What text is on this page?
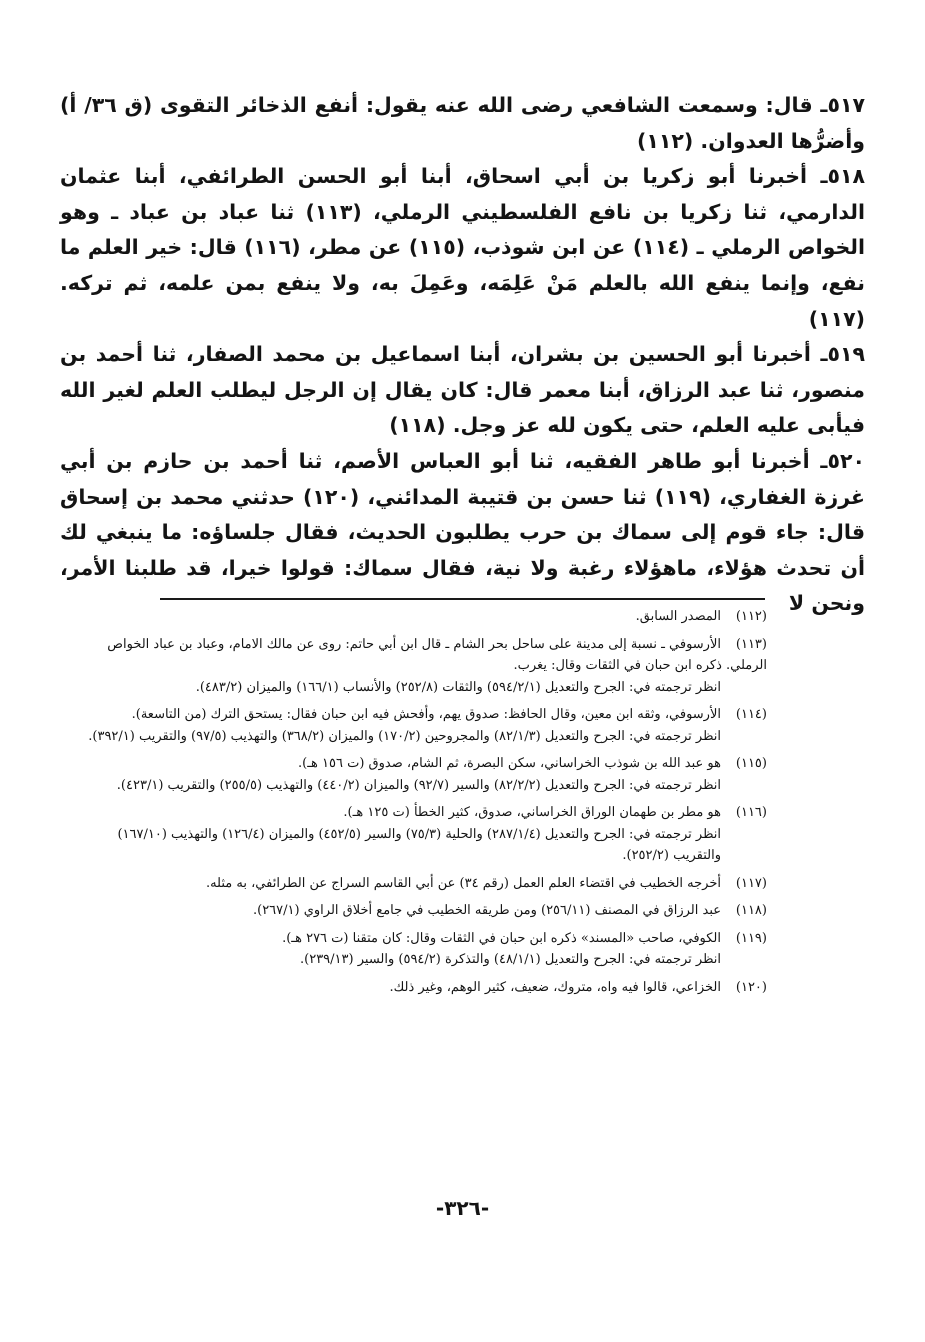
٥١٧ـ قال: وسمعت الشافعي رضى الله عنه يقول: أنفع الذخائر التقوى (ق ٣٦/ أ) وأضرُّها العدوان. (١١٢)

٥١٨ـ أخبرنا أبو زكريا بن أبي اسحاق، أبنا أبو الحسن الطرائفي، أبنا عثمان الدارمي، ثنا زكريا بن نافع الفلسطيني الرملي، (١١٣) ثنا عباد بن عباد ـ وهو الخواص الرملي ـ (١١٤) عن ابن شوذب، (١١٥) عن مطر، (١١٦) قال: خير العلم ما نفع، وإنما ينفع الله بالعلم مَنْ عَلِمَه، وعَمِلَ به، ولا ينفع بمن علمه، ثم تركه. (١١٧)

٥١٩ـ أخبرنا أبو الحسين بن بشران، أبنا اسماعيل بن محمد الصفار، ثنا أحمد بن منصور، ثنا عبد الرزاق، أبنا معمر قال: كان يقال إن الرجل ليطلب العلم لغير الله فيأبى عليه العلم، حتى يكون لله عز وجل. (١١٨)

٥٢٠ـ أخبرنا أبو طاهر الفقيه، ثنا أبو العباس الأصم، ثنا أحمد بن حازم بن أبي غرزة الغفاري، (١١٩) ثنا حسن بن قتيبة المدائني، (١٢٠) حدثني محمد بن إسحاق قال: جاء قوم إلى سماك بن حرب يطلبون الحديث، فقال جلساؤه: ما ينبغي لك أن تحدث هؤلاء، ماهؤلاء رغبة ولا نية، فقال سماك: قولوا خيرا، قد طلبنا الأمر، ونحن لا

(١١٢)المصدر السابق.

(١١٣)الأرسوفي ـ نسبة إلى مدينة على ساحل بحر الشام ـ قال ابن أبي حاتم: روى عن مالك الامام، وعباد بن عباد الخواص الرملي. ذكره ابن حبان في الثقات وقال: يغرب.

انظر ترجمته في: الجرح والتعديل (٥٩٤/٢/١) والثقات (٢٥٢/٨) والأنساب (١٦٦/١) والميزان (٤٨٣/٢).

(١١٤)الأرسوفي، وثقه ابن معين، وقال الحافظ: صدوق يهم، وأفحش فيه ابن حبان فقال: يستحق الترك (من التاسعة).

انظر ترجمته في: الجرح والتعديل (٨٢/١/٣) والمجروحين (١٧٠/٢) والميزان (٣٦٨/٢) والتهذيب (٩٧/٥) والتقريب (٣٩٢/١).

(١١٥)هو عبد الله بن شوذب الخراساني، سكن البصرة، ثم الشام، صدوق (ت ١٥٦ هـ).

انظر ترجمته في: الجرح والتعديل (٨٢/٢/٢) والسير (٩٢/٧) والميزان (٤٤٠/٢) والتهذيب (٢٥٥/٥) والتقريب (٤٢٣/١).

(١١٦)هو مطر بن طهمان الوراق الخراساني، صدوق، كثير الخطأ (ت ١٢٥ هـ).

انظر ترجمته في: الجرح والتعديل (٢٨٧/١/٤) والحلية (٧٥/٣) والسير (٤٥٢/٥) والميزان (١٢٦/٤) والتهذيب (١٦٧/١٠) والتقريب (٢٥٢/٢).

(١١٧)أخرجه الخطيب في اقتضاء العلم العمل (رقم ٣٤) عن أبي القاسم السراج عن الطرائفي، به مثله.

(١١٨)عبد الرزاق في المصنف (٢٥٦/١١) ومن طريقه الخطيب في جامع أخلاق الراوي (٢٦٧/١).

(١١٩)الكوفي، صاحب «المسند» ذكره ابن حبان في الثقات وقال: كان متقنا (ت ٢٧٦ هـ).

انظر ترجمته في: الجرح والتعديل (٤٨/١/١) والتذكرة (٥٩٤/٢) والسير (٢٣٩/١٣).

(١٢٠)الخزاعي، قالوا فيه واه، متروك، ضعيف، كثير الوهم، وغير ذلك.

-٣٢٦-
